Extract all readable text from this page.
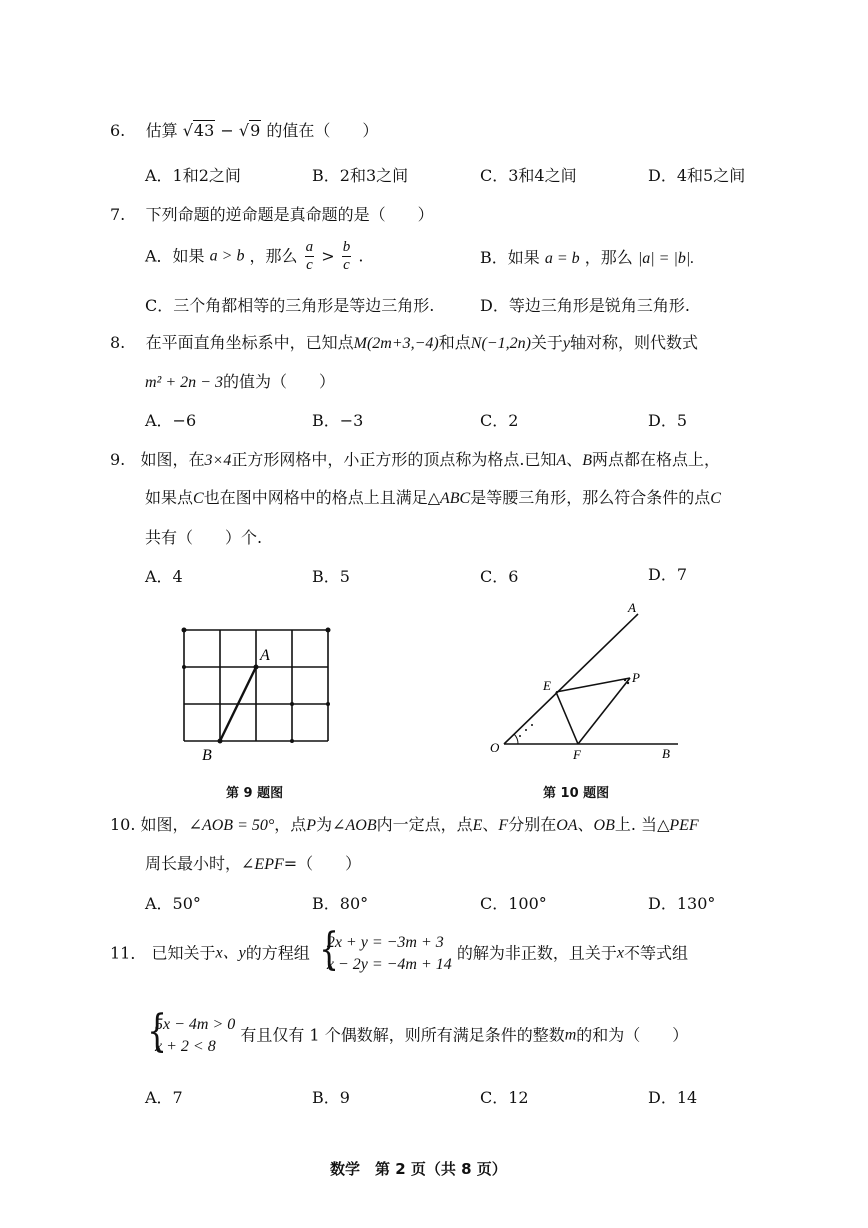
6. 估算 √43 − √9 的值在（　　）
A．1和2之间	B．2和3之间	C．3和4之间	D．4和5之间
7. 下列命题的逆命题是真命题的是（　　）
A．如果 a > b ，那么 $\frac{a}{c} > \frac{b}{c}$ .	B．如果 a = b ，那么 |a| = |b|.
C．三个角都相等的三角形是等边三角形.	D．等边三角形是锐角三角形.
8. 在平面直角坐标系中，已知点M(2m+3,−4)和点N(−1,2n)关于y轴对称，则代数式
m² + 2n − 3的值为（　　）
A．−6	B．−3	C．2	D．5
9. 如图，在3×4正方形网格中，小正方形的顶点称为格点.已知A、B两点都在格点上，
如果点C也在图中网格中的格点上且满足△ABC是等腰三角形，那么符合条件的点C
共有（　　）个.
A．4	B．5	C．6	D．7
A
B
第 9 题图
A
B
O
E
F
P
第 10 题图
10. 如图，∠AOB = 50°，点P为∠AOB内一定点，点E、F分别在OA、OB上. 当△PEF
周长最小时，∠EPF=（　　）
A．50°	B．80°	C．100°	D．130°
11． 已知关于x、y的方程组 {
2x + y = −3m + 3
x − 2y = −4m + 14
的解为非正数，且关于x不等式组
{
5x − 4m > 0
x + 2 < 8
有且仅有 1 个偶数解，则所有满足条件的整数m的和为（　　）
A．7	B．9	C．12	D．14
数学　第 2 页（共 8 页）
